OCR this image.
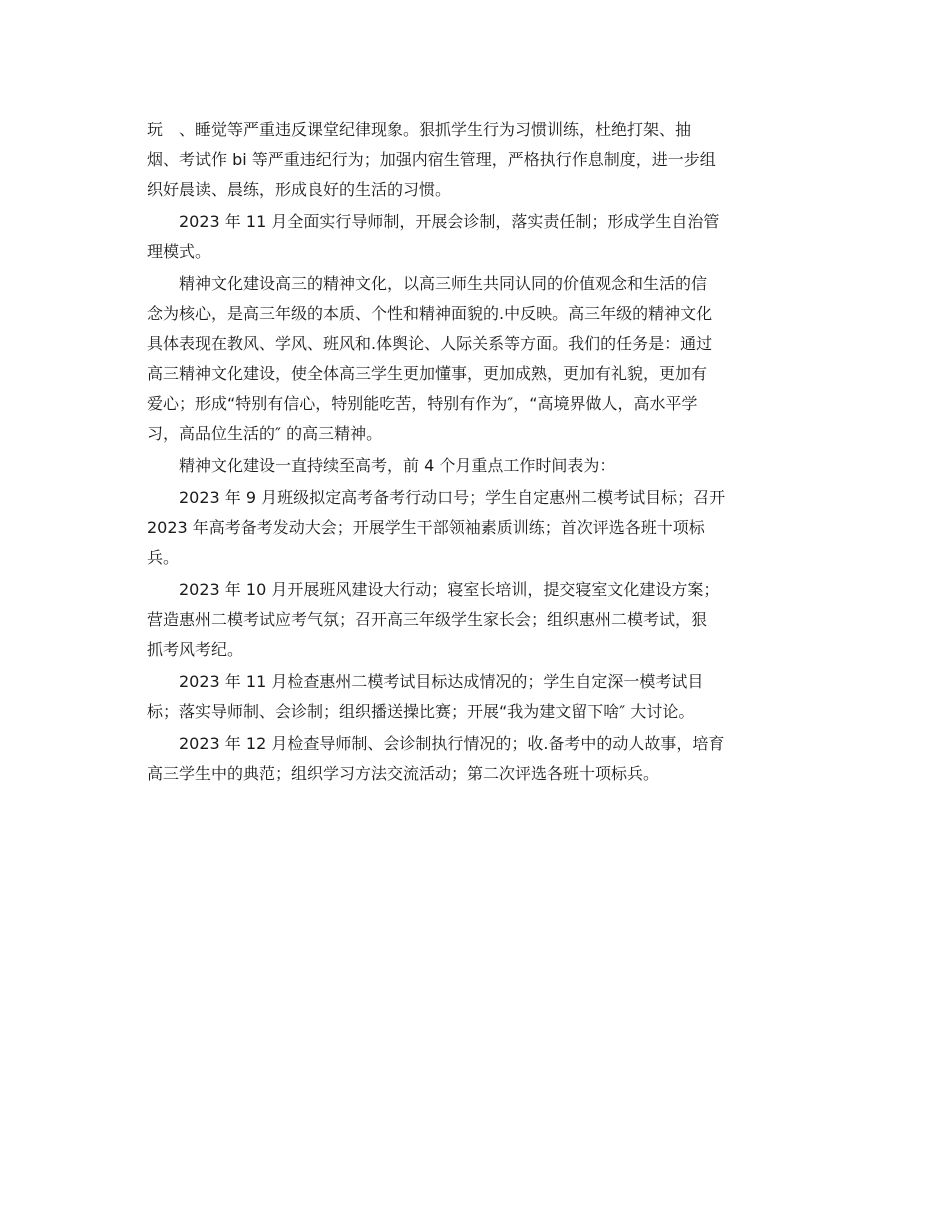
玩　、睡觉等严重违反课堂纪律现象。狠抓学生行为习惯训练，杜绝打架、抽
烟、考试作 bi 等严重违纪行为；加强内宿生管理，严格执行作息制度，进一步组
织好晨读、晨练，形成良好的生活的习惯。
　　2023 年 11 月全面实行导师制，开展会诊制，落实责任制；形成学生自治管
理模式。
　　精神文化建设高三的精神文化，以高三师生共同认同的价值观念和生活的信
念为核心，是高三年级的本质、个性和精神面貌的.中反映。高三年级的精神文化
具体表现在教风、学风、班风和.体舆论、人际关系等方面。我们的任务是：通过
高三精神文化建设，使全体高三学生更加懂事，更加成熟，更加有礼貌，更加有
爱心；形成“特别有信心，特别能吃苦，特别有作为″，“高境界做人，高水平学
习，高品位生活的″ 的高三精神。
　　精神文化建设一直持续至高考，前 4 个月重点工作时间表为：
　　2023 年 9 月班级拟定高考备考行动口号；学生自定惠州二模考试目标；召开
2023 年高考备考发动大会；开展学生干部领袖素质训练；首次评选各班十项标
兵。
　　2023 年 10 月开展班风建设大行动；寝室长培训，提交寝室文化建设方案；
营造惠州二模考试应考气氛；召开高三年级学生家长会；组织惠州二模考试，狠
抓考风考纪。
　　2023 年 11 月检查惠州二模考试目标达成情况的；学生自定深一模考试目
标；落实导师制、会诊制；组织播送操比赛；开展“我为建文留下啥″ 大讨论。
　　2023 年 12 月检查导师制、会诊制执行情况的；收.备考中的动人故事，培育
高三学生中的典范；组织学习方法交流活动；第二次评选各班十项标兵。
